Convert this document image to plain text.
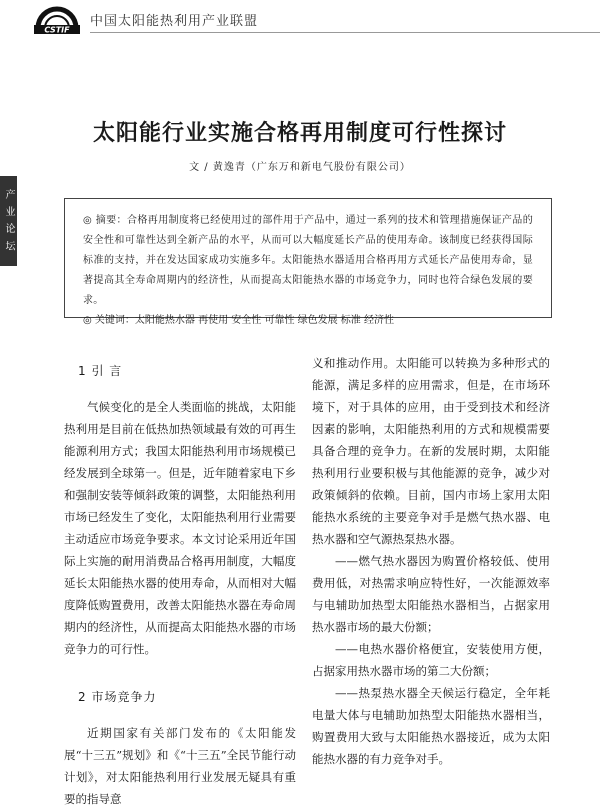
CSTIF
中国太阳能热利用产业联盟
产 业 论 坛
太阳能行业实施合格再用制度可行性探讨
文 / 黄逸青（广东万和新电气股份有限公司）

◎ 摘要：合格再用制度将已经使用过的部件用于产品中，通过一系列的技术和管理措施保证产品的安全性和可靠性达到全新产品的水平，从而可以大幅度延长产品的使用寿命。该制度已经获得国际标准的支持，并在发达国家成功实施多年。太阳能热水器适用合格再用方式延长产品使用寿命，显著提高其全寿命周期内的经济性，从而提高太阳能热水器的市场竞争力，同时也符合绿色发展的要求。

◎ 关键词：太阳能热水器 再使用 安全性 可靠性 绿色发展 标准 经济性

1 引 言

气候变化的是全人类面临的挑战，太阳能热利用是目前在低热加热领域最有效的可再生能源利用方式；我国太阳能热利用市场规模已经发展到全球第一。但是，近年随着家电下乡和强制安装等倾斜政策的调整，太阳能热利用市场已经发生了变化，太阳能热利用行业需要主动适应市场竞争要求。本文讨论采用近年国际上实施的耐用消费品合格再用制度，大幅度延长太阳能热水器的使用寿命，从而相对大幅度降低购置费用，改善太阳能热水器在寿命周期内的经济性，从而提高太阳能热水器的市场竞争力的可行性。

2 市场竞争力

近期国家有关部门发布的《太阳能发展“十三五”规划》和《“十三五”全民节能行动计划》，对太阳能热利用行业发展无疑具有重要的指导意

义和推动作用。太阳能可以转换为多种形式的能源，满足多样的应用需求，但是，在市场环境下，对于具体的应用，由于受到技术和经济因素的影响，太阳能热利用的方式和规模需要具备合理的竞争力。在新的发展时期，太阳能热利用行业要积极与其他能源的竞争，减少对政策倾斜的依赖。目前，国内市场上家用太阳能热水系统的主要竞争对手是燃气热水器、电热水器和空气源热泵热水器。

——燃气热水器因为购置价格较低、使用费用低，对热需求响应特性好，一次能源效率与电辅助加热型太阳能热水器相当，占据家用热水器市场的最大份额；

——电热水器价格便宜，安装使用方便，占据家用热水器市场的第二大份额；

——热泵热水器全天候运行稳定，全年耗电量大体与电辅助加热型太阳能热水器相当，购置费用大致与太阳能热水器接近，成为太阳能热水器的有力竞争对手。
